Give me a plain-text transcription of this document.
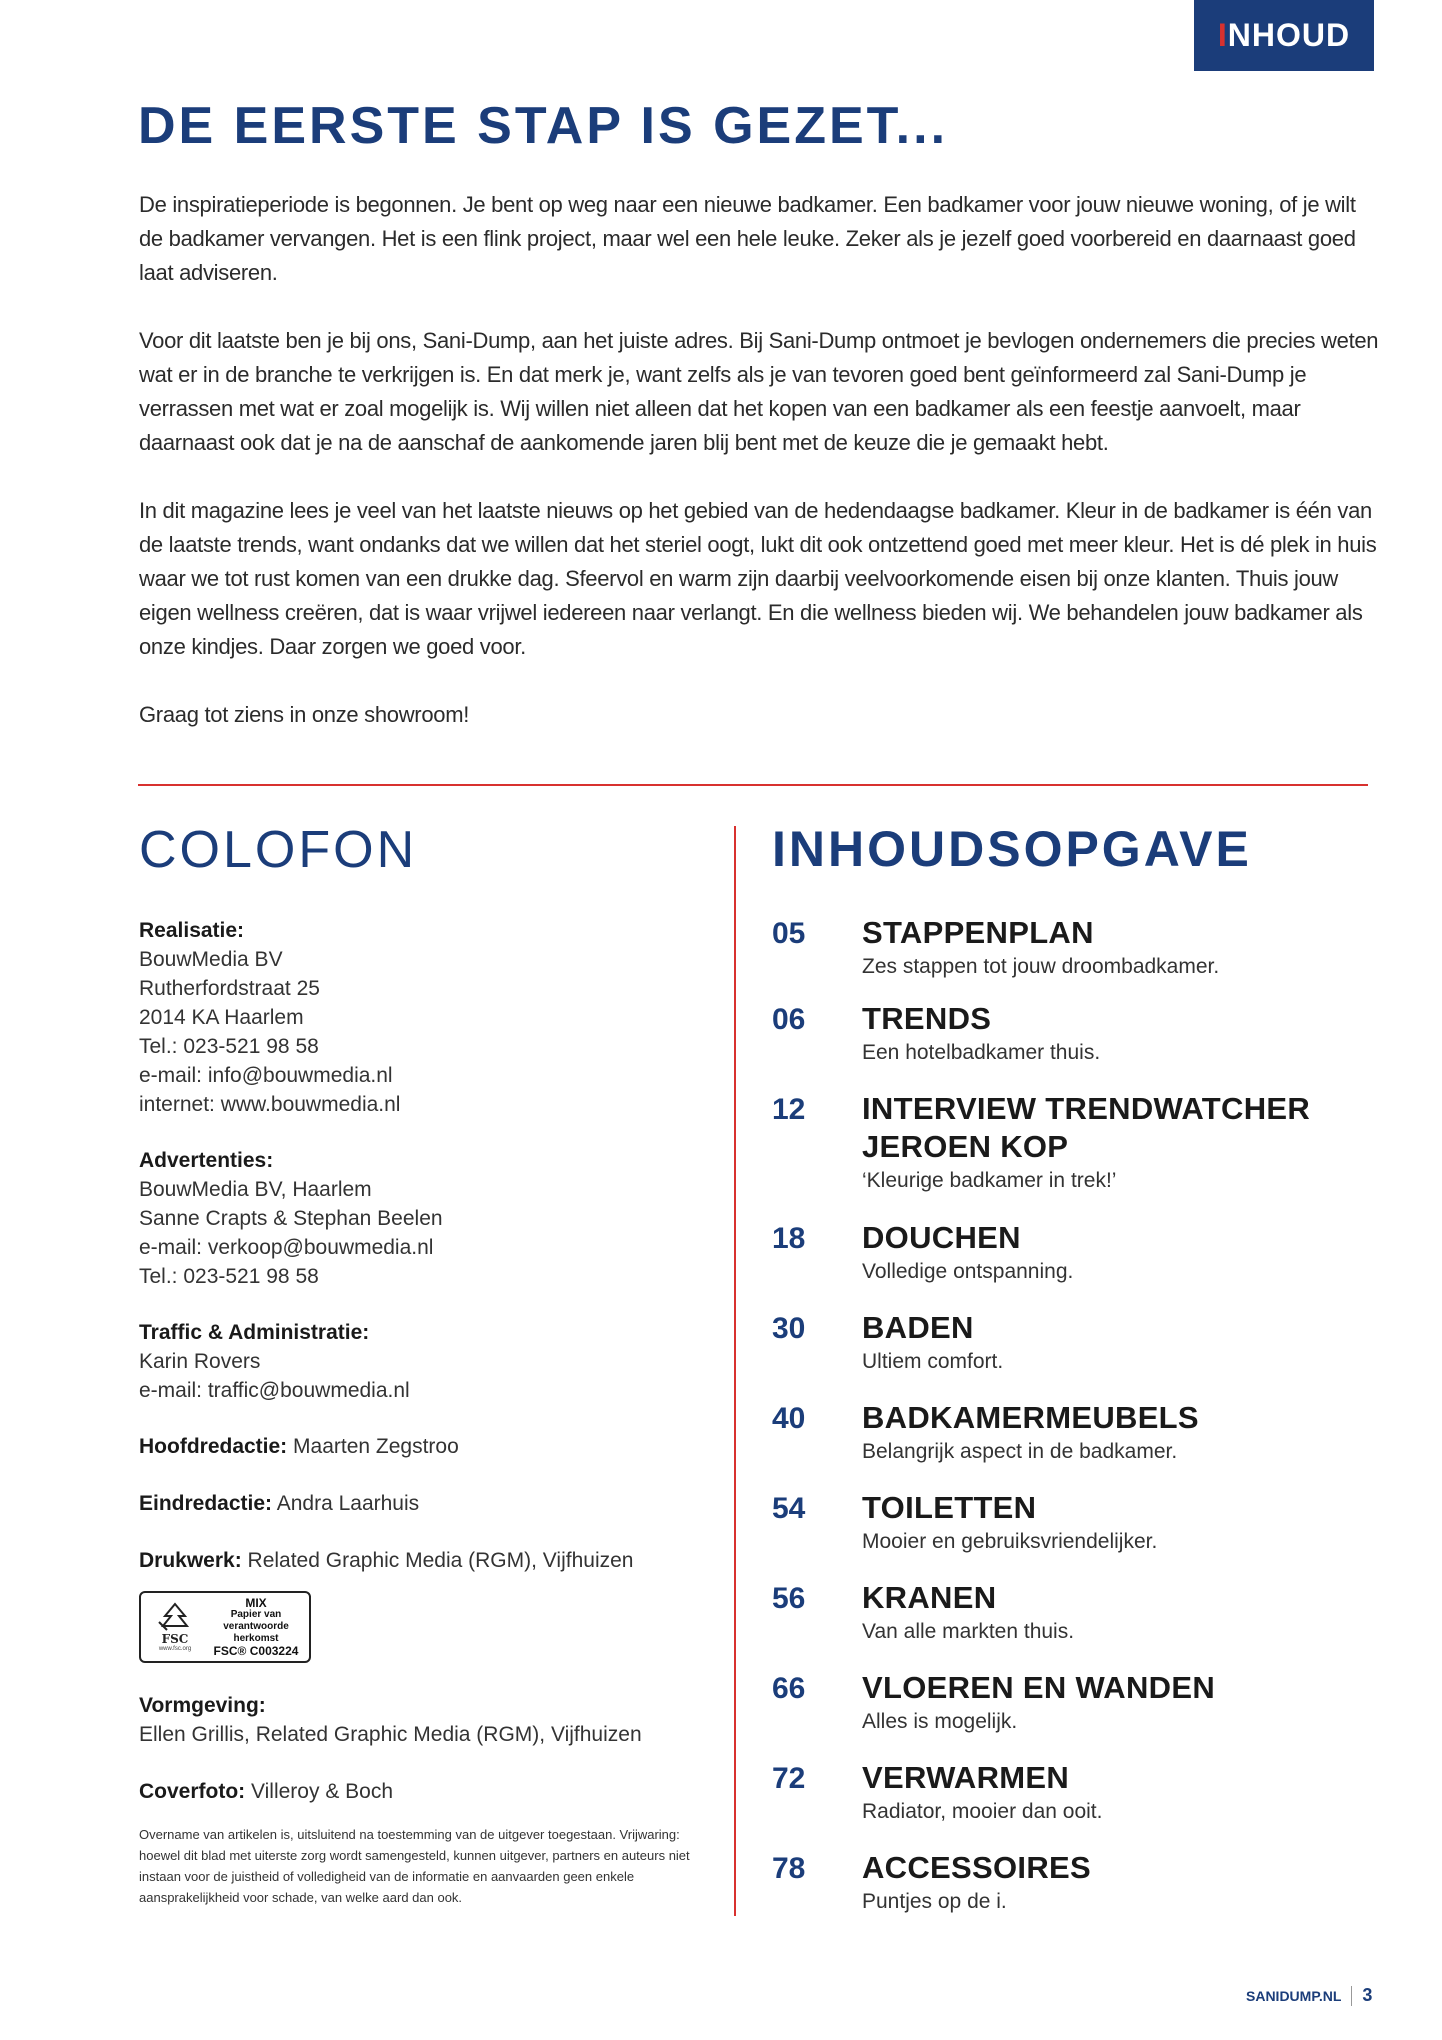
I NHOUD
DE EERSTE STAP IS GEZET...

De inspiratieperiode is begonnen. Je bent op weg naar een nieuwe badkamer. Een badkamer voor jouw nieuwe woning, of je wilt de badkamer vervangen. Het is een flink project, maar wel een hele leuke. Zeker als je jezelf goed voorbereid en daarnaast goed laat adviseren.

Voor dit laatste ben je bij ons, Sani-Dump, aan het juiste adres. Bij Sani-Dump ontmoet je bevlogen ondernemers die precies weten wat er in de branche te verkrijgen is. En dat merk je, want zelfs als je van tevoren goed bent geïnformeerd zal Sani-Dump je verrassen met wat er zoal mogelijk is. Wij willen niet alleen dat het kopen van een badkamer als een feestje aanvoelt, maar daarnaast ook dat je na de aanschaf de aankomende jaren blij bent met de keuze die je gemaakt hebt.

In dit magazine lees je veel van het laatste nieuws op het gebied van de hedendaagse badkamer. Kleur in de badkamer is één van de laatste trends, want ondanks dat we willen dat het steriel oogt, lukt dit ook ontzettend goed met meer kleur. Het is dé plek in huis waar we tot rust komen van een drukke dag. Sfeervol en warm zijn daarbij veelvoorkomende eisen bij onze klanten. Thuis jouw eigen wellness creëren, dat is waar vrijwel iedereen naar verlangt. En die wellness bieden wij. We behandelen jouw badkamer als onze kindjes. Daar zorgen we goed voor.

Graag tot ziens in onze showroom!

COLOFON
Realisatie:
BouwMedia BV
Rutherfordstraat 25
2014 KA Haarlem
Tel.: 023-521 98 58
e-mail: info@bouwmedia.nl
internet: www.bouwmedia.nl
Advertenties:
BouwMedia BV, Haarlem
Sanne Crapts & Stephan Beelen
e-mail: verkoop@bouwmedia.nl
Tel.: 023-521 98 58
Traffic & Administratie:
Karin Rovers
e-mail: traffic@bouwmedia.nl
Hoofdredactie: Maarten Zegstroo
Eindredactie: Andra Laarhuis
Drukwerk: Related Graphic Media (RGM), Vijfhuizen
FSC
www.fsc.org
MIX
Papier van
verantwoorde herkomst
FSC® C003224
Vormgeving:
Ellen Grillis, Related Graphic Media (RGM), Vijfhuizen
Coverfoto: Villeroy & Boch
Overname van artikelen is, uitsluitend na toestemming van de uitgever toegestaan. Vrijwaring: hoewel dit blad met uiterste zorg wordt samengesteld, kunnen uitgever, partners en auteurs niet instaan voor de juistheid of volledigheid van de informatie en aanvaarden geen enkele aansprakelijkheid voor schade, van welke aard dan ook.
INHOUDSOPGAVE
05	STAPPENPLAN
Zes stappen tot jouw droombadkamer.
06	TRENDS
Een hotelbadkamer thuis.
12	INTERVIEW TRENDWATCHER
JEROEN KOP
‘Kleurige badkamer in trek!’
18	DOUCHEN
Volledige ontspanning.
30	BADEN
Ultiem comfort.
40	BADKAMERMEUBELS
Belangrijk aspect in de badkamer.
54	TOILETTEN
Mooier en gebruiksvriendelijker.
56	KRANEN
Van alle markten thuis.
66	VLOEREN EN WANDEN
Alles is mogelijk.
72	VERWARMEN
Radiator, mooier dan ooit.
78	ACCESSOIRES
Puntjes op de i.
SANIDUMP.NL 3
